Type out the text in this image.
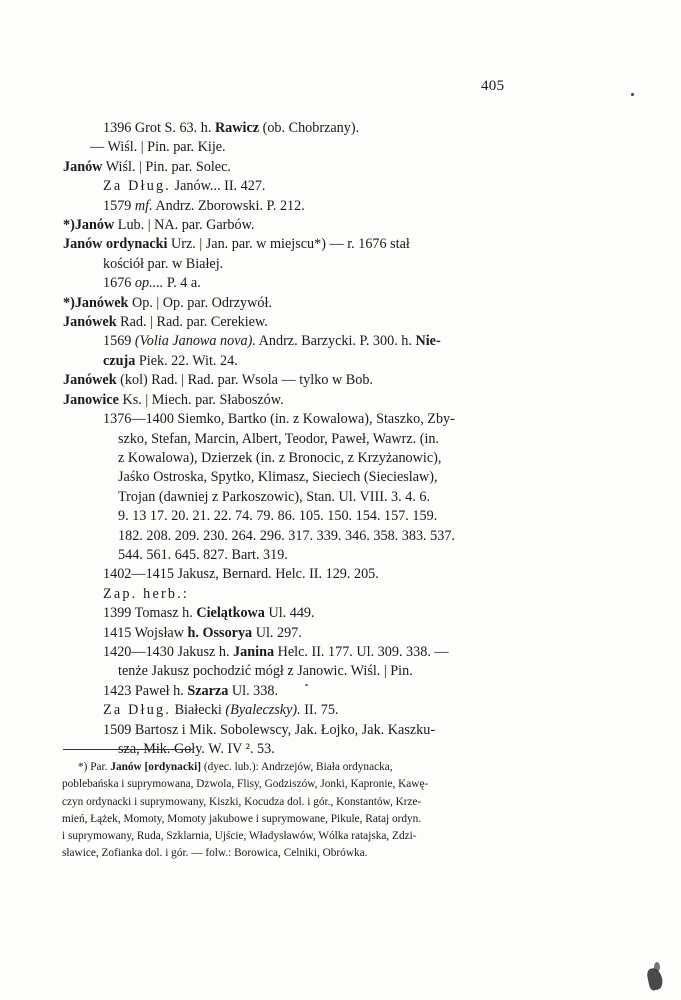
405
1396 Grot S. 63. h. Rawicz (ob. Chobrzany).
— Wiśl. | Pin. par. Kije.
Janów Wiśl. | Pin. par. Solec.
Za Dług. Janów... II. 427.
1579 mf. Andrz. Zborowski. P. 212.
*)Janów Lub. | NA. par. Garbów.
Janów ordynacki Urz. | Jan. par. w miejscu*) — r. 1676 stał
kościół par. w Białej.
1676 op.... P. 4 a.
*)Janówek Op. | Op. par. Odrzywół.
Janówek Rad. | Rad. par. Cerekiew.
1569 (Volia Janowa nova). Andrz. Barzycki. P. 300. h. Nie-
czuja Piek. 22. Wit. 24.
Janówek (kol) Rad. | Rad. par. Wsola — tylko w Bob.
Janowice Ks. | Miech. par. Słaboszów.
1376—1400 Siemko, Bartko (in. z Kowalowa), Staszko, Zby-
szko, Stefan, Marcin, Albert, Teodor, Paweł, Wawrz. (in.
z Kowalowa), Dzierzek (in. z Bronocic, z Krzyżanowic),
Jaśko Ostroska, Spytko, Klimasz, Sieciech (Siecieslaw),
Trojan (dawniej z Parkoszowic), Stan. Ul. VIII. 3. 4. 6.
9. 13 17. 20. 21. 22. 74. 79. 86. 105. 150. 154. 157. 159.
182. 208. 209. 230. 264. 296. 317. 339. 346. 358. 383. 537.
544. 561. 645. 827. Bart. 319.
1402—1415 Jakusz, Bernard. Helc. II. 129. 205.
Zap. herb.:
1399 Tomasz h. Cielątkowa Ul. 449.
1415 Wojsław h. Ossorya Ul. 297.
1420—1430 Jakusz h. Janina Helc. II. 177. Ul. 309. 338. —
tenże Jakusz pochodzić mógł z Janowic. Wiśl. | Pin.
1423 Paweł h. Szarza Ul. 338.
Za Dług. Białecki (Byaleczsky). II. 75.
1509 Bartosz i Mik. Sobolewscy, Jak. Łojko, Jak. Kaszku-
sza, Mik. Goły. W. IV ². 53.
*) Par. Janów [ordynacki] (dyec. lub.): Andrzejów, Biała ordynacka,
poblebańska i suprymowana, Dzwola, Flisy, Godziszów, Jonki, Kapronie, Kawę-
czyn ordynacki i suprymowany, Kiszki, Kocudza dol. i gór., Konstantów, Krze-
mień, Łążek, Momoty, Momoty jakubowe i suprymowane, Pikule, Rataj ordyn.
i suprymowany, Ruda, Szklarnia, Ujście, Władysławów, Wólka ratajska, Zdzi-
sławice, Zofianka dol. i gór. — folw.: Borowica, Celniki, Obrówka.
